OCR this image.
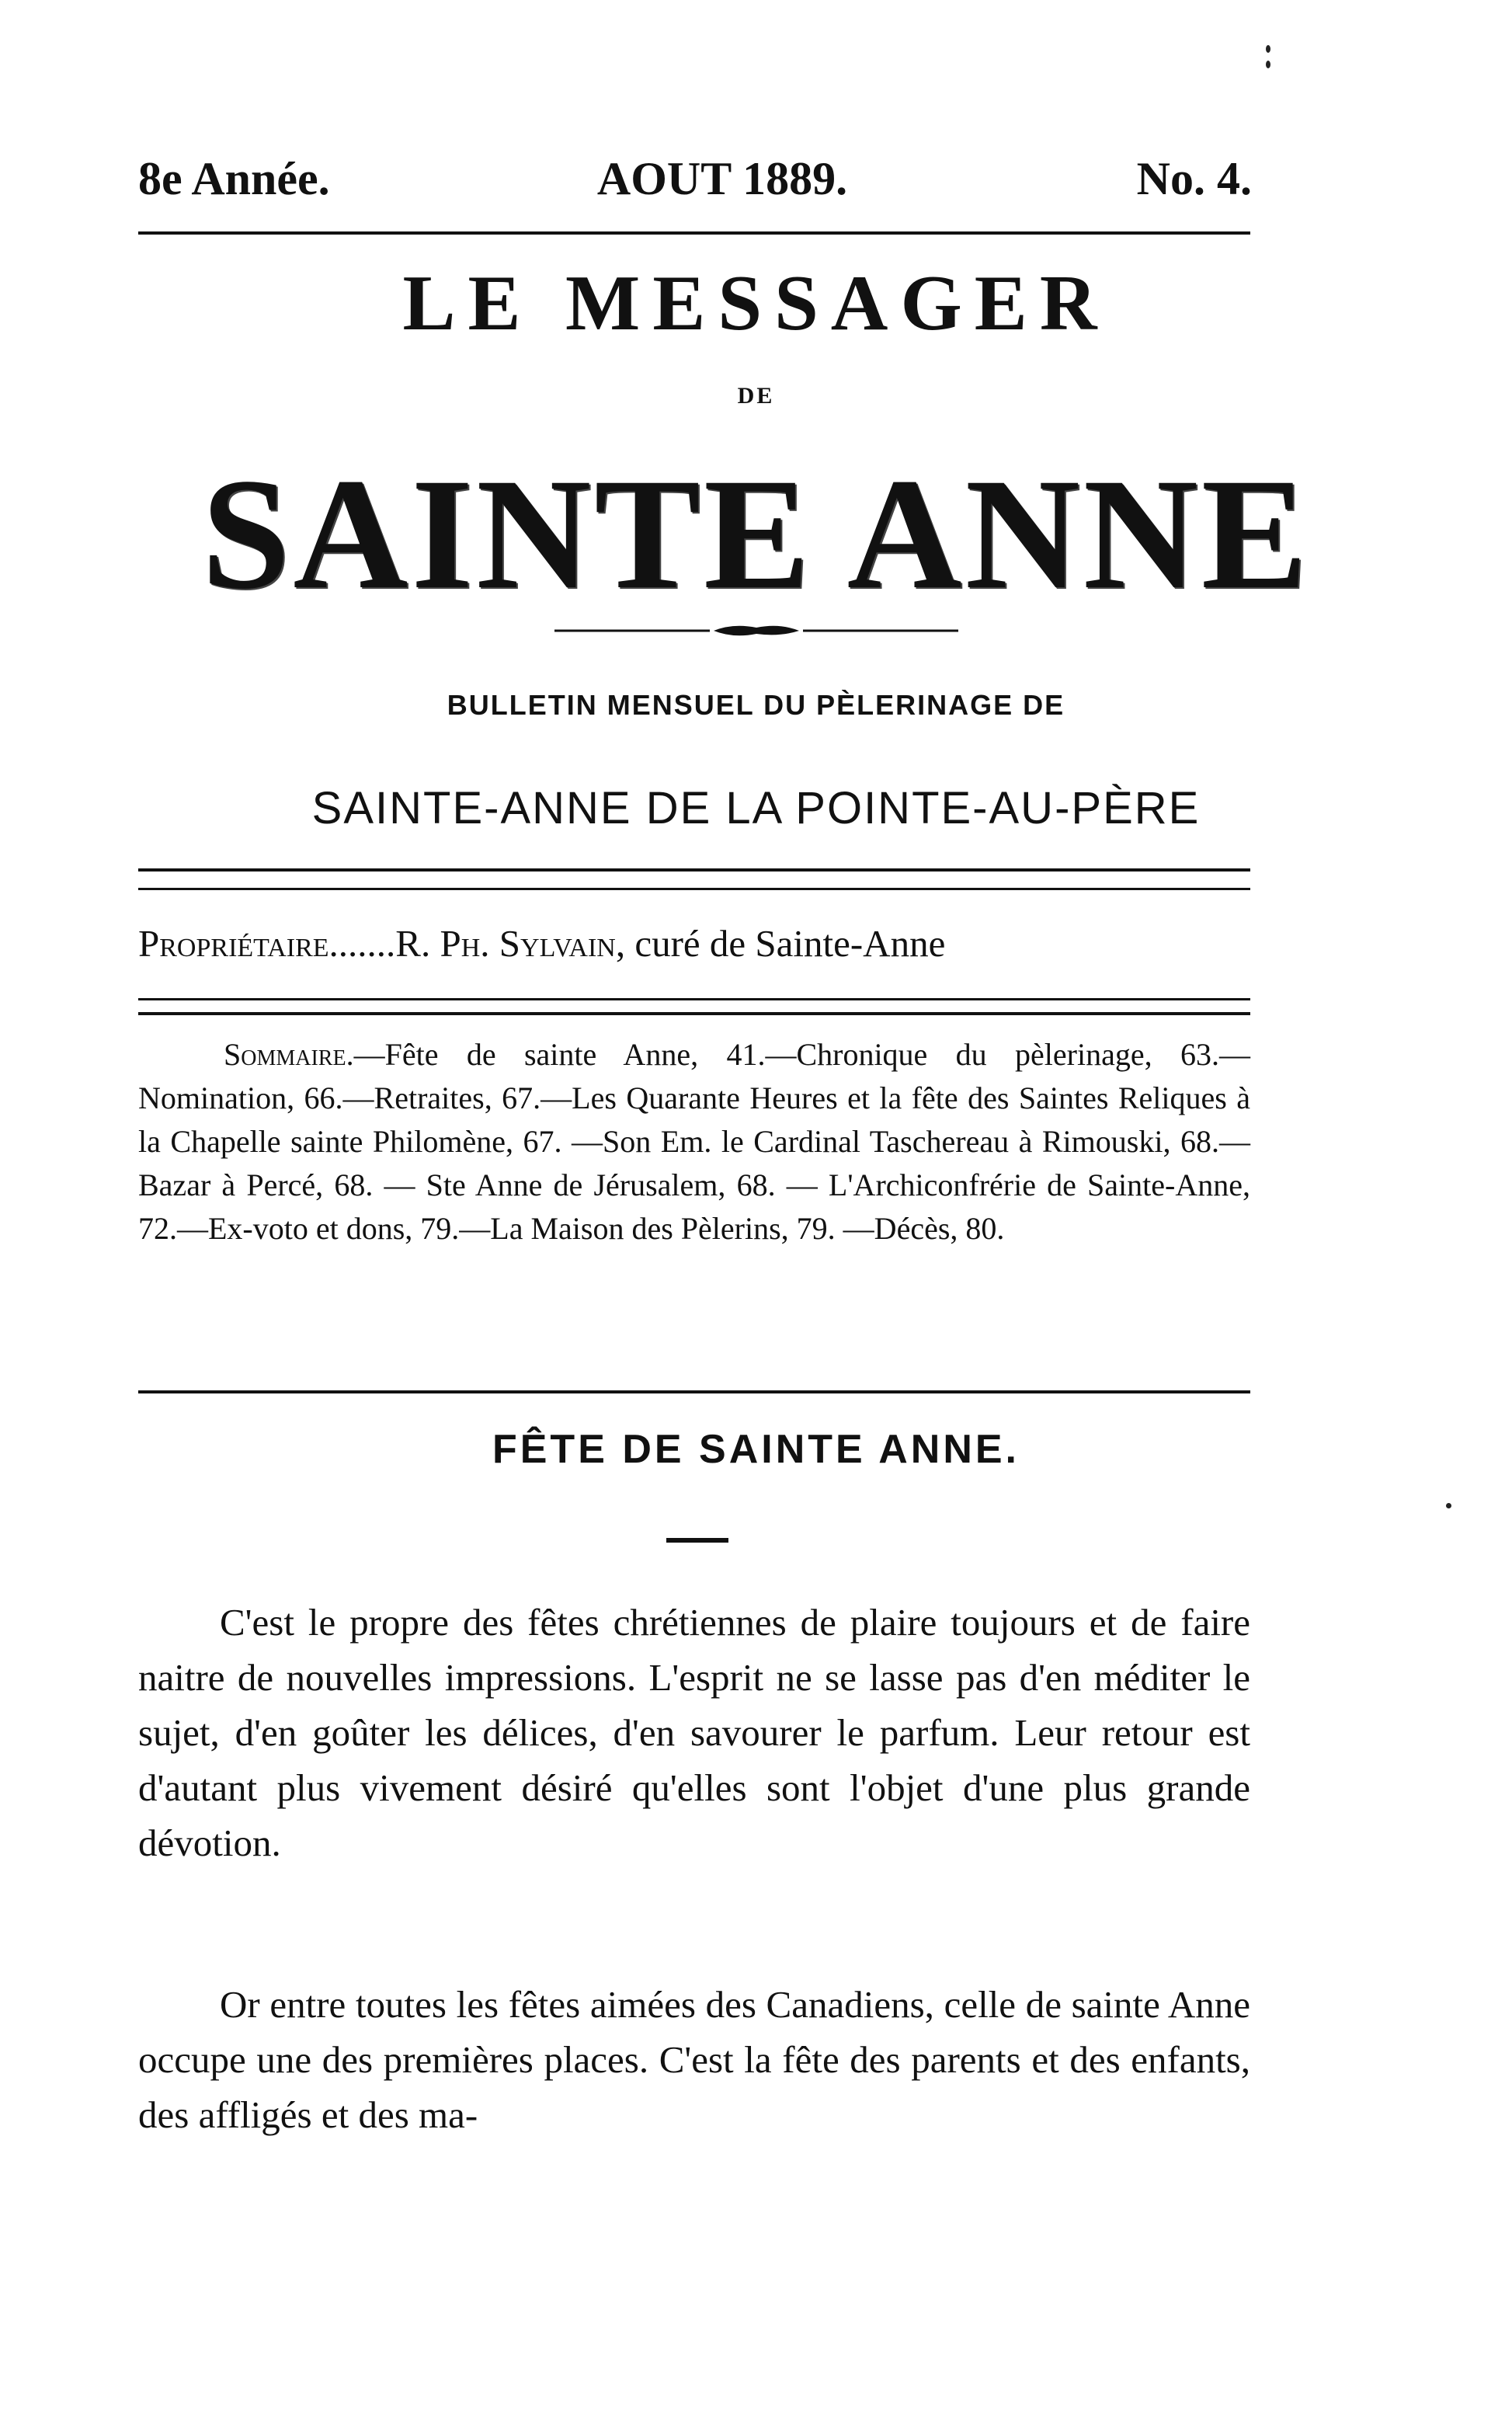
8e Année.	AOUT 1889.	No. 4.
LE MESSAGER
DE
SAINTE ANNE
BULLETIN MENSUEL DU PÈLERINAGE DE
SAINTE-ANNE DE LA POINTE-AU-PÈRE
Propriétaire.......R. Ph. Sylvain, curé de Sainte-Anne
Sommaire.—Fête de sainte Anne, 41.—Chronique du pèlerinage, 63.—Nomination, 66.—Retraites, 67.—Les Quarante Heures et la fête des Saintes Reliques à la Chapelle sainte Philomène, 67. —Son Em. le Cardinal Taschereau à Rimouski, 68.—Bazar à Percé, 68. — Ste Anne de Jérusalem, 68. — L'Archiconfrérie de Sainte-Anne, 72.—Ex-voto et dons, 79.—La Maison des Pèlerins, 79. —Décès, 80.
FÊTE DE SAINTE ANNE.
C'est le propre des fêtes chrétiennes de plaire toujours et de faire naitre de nouvelles impressions. L'esprit ne se lasse pas d'en méditer le sujet, d'en goûter les délices, d'en savourer le parfum. Leur retour est d'autant plus vivement désiré qu'elles sont l'objet d'une plus grande dévotion.
Or entre toutes les fêtes aimées des Canadiens, celle de sainte Anne occupe une des premières places. C'est la fête des parents et des enfants, des affligés et des ma-
